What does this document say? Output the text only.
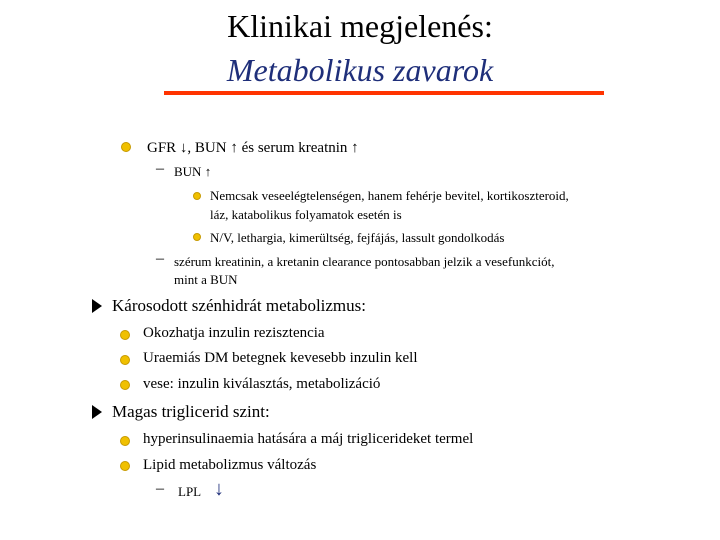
Klinikai megjelenés:
Metabolikus zavarok
GFR ↓, BUN ↑ és serum kreatnin ↑
– BUN ↑
Nemcsak veseelégtelenségen, hanem fehérje bevitel, kortikoszteroid,
láz, katabolikus folyamatok esetén is
N/V, lethargia, kimerültség, fejfájás, lassult gondolkodás
– szérum kreatinin, a kretanin clearance pontosabban jelzik a vesefunkciót,
mint a BUN
Károsodott szénhidrát metabolizmus:
Okozhatja inzulin rezisztencia
Uraemiás DM betegnek kevesebb inzulin kell
vese: inzulin kiválasztás, metabolizáció
Magas triglicerid szint:
hyperinsulinaemia hatására a máj triglicerideket termel
Lipid metabolizmus változás
– LPL ↓
